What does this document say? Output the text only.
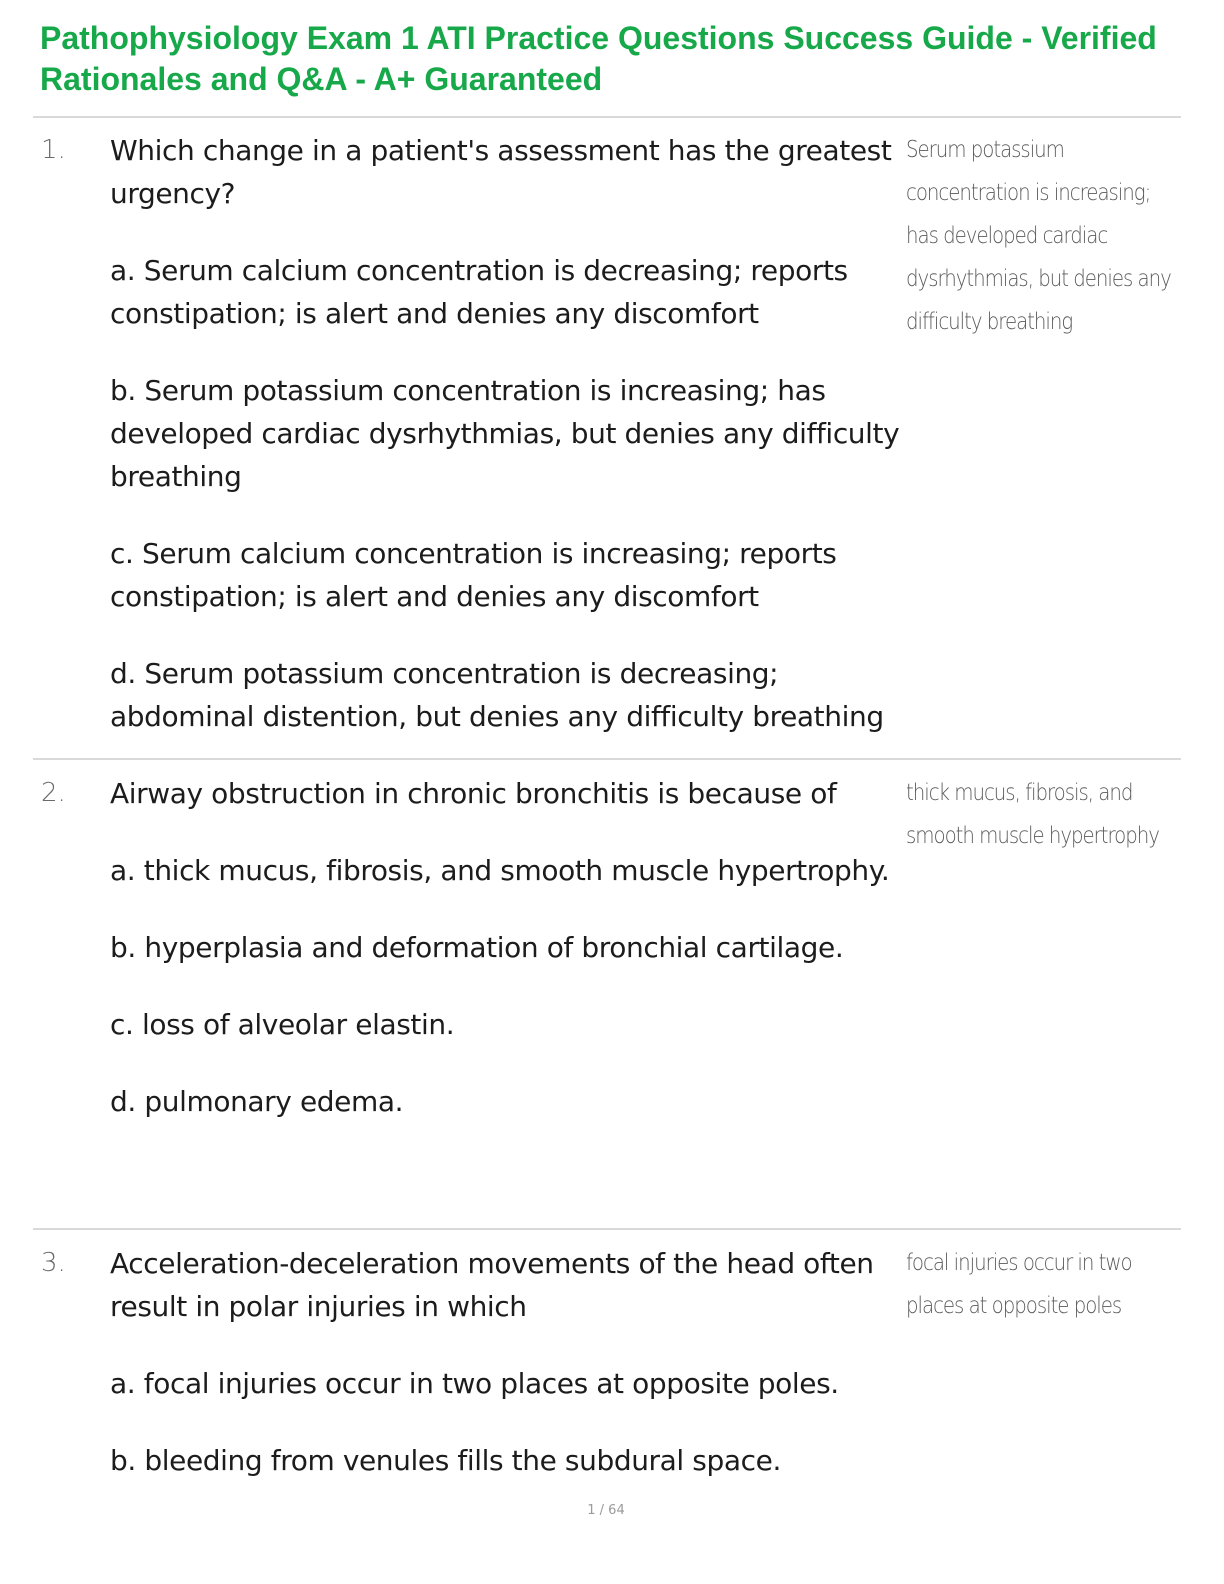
Pathophysiology Exam 1 ATI Practice Questions Success Guide - Verified Rationales and Q&A - A+ Guaranteed
1. Which change in a patient's assessment has the greatest urgency?

a. Serum calcium concentration is decreasing; reports constipation; is alert and denies any discomfort

b. Serum potassium concentration is increasing; has developed cardiac dysrhythmias, but denies any difficulty breathing

c. Serum calcium concentration is increasing; reports constipation; is alert and denies any discomfort

d. Serum potassium concentration is decreasing; abdominal distention, but denies any difficulty breathing

Serum potassium concentration is increasing; has developed cardiac dysrhythmias, but denies any difficulty breathing

2. Airway obstruction in chronic bronchitis is because of

a. thick mucus, fibrosis, and smooth muscle hypertrophy.

b. hyperplasia and deformation of bronchial cartilage.

c. loss of alveolar elastin.

d. pulmonary edema.

thick mucus, fibrosis, and smooth muscle hypertrophy

3. Acceleration-deceleration movements of the head often result in polar injuries in which

a. focal injuries occur in two places at opposite poles.

b. bleeding from venules fills the subdural space.

focal injuries occur in two places at opposite poles

1 / 64
